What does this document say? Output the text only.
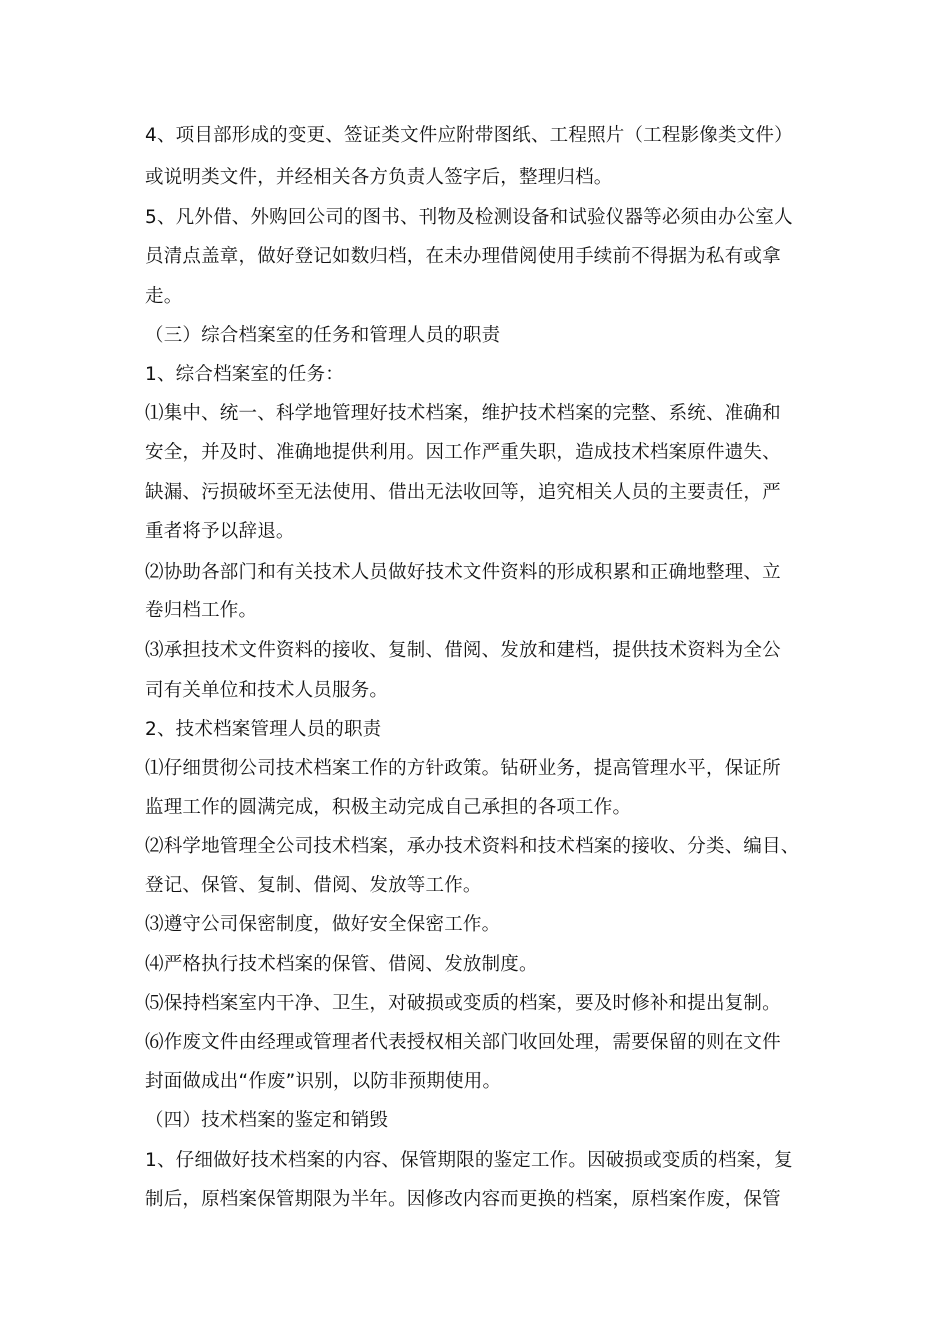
4、项目部形成的变更、签证类文件应附带图纸、工程照片（工程影像类文件）
或说明类文件，并经相关各方负责人签字后，整理归档。
5、凡外借、外购回公司的图书、刊物及检测设备和试验仪器等必须由办公室人
员清点盖章，做好登记如数归档，在未办理借阅使用手续前不得据为私有或拿
走。
（三）综合档案室的任务和管理人员的职责
1、综合档案室的任务：
⑴集中、统一、科学地管理好技术档案，维护技术档案的完整、系统、准确和
安全，并及时、准确地提供利用。因工作严重失职，造成技术档案原件遗失、
缺漏、污损破坏至无法使用、借出无法收回等，追究相关人员的主要责任，严
重者将予以辞退。
⑵协助各部门和有关技术人员做好技术文件资料的形成积累和正确地整理、立
卷归档工作。
⑶承担技术文件资料的接收、复制、借阅、发放和建档，提供技术资料为全公
司有关单位和技术人员服务。
2、技术档案管理人员的职责
⑴仔细贯彻公司技术档案工作的方针政策。钻研业务，提高管理水平，保证所
监理工作的圆满完成，积极主动完成自己承担的各项工作。
⑵科学地管理全公司技术档案，承办技术资料和技术档案的接收、分类、编目、
登记、保管、复制、借阅、发放等工作。
⑶遵守公司保密制度，做好安全保密工作。
⑷严格执行技术档案的保管、借阅、发放制度。
⑸保持档案室内干净、卫生，对破损或变质的档案，要及时修补和提出复制。
⑹作废文件由经理或管理者代表授权相关部门收回处理，需要保留的则在文件
封面做成出“作废”识别，以防非预期使用。
（四）技术档案的鉴定和销毁
1、仔细做好技术档案的内容、保管期限的鉴定工作。因破损或变质的档案，复
制后，原档案保管期限为半年。因修改内容而更换的档案，原档案作废，保管
